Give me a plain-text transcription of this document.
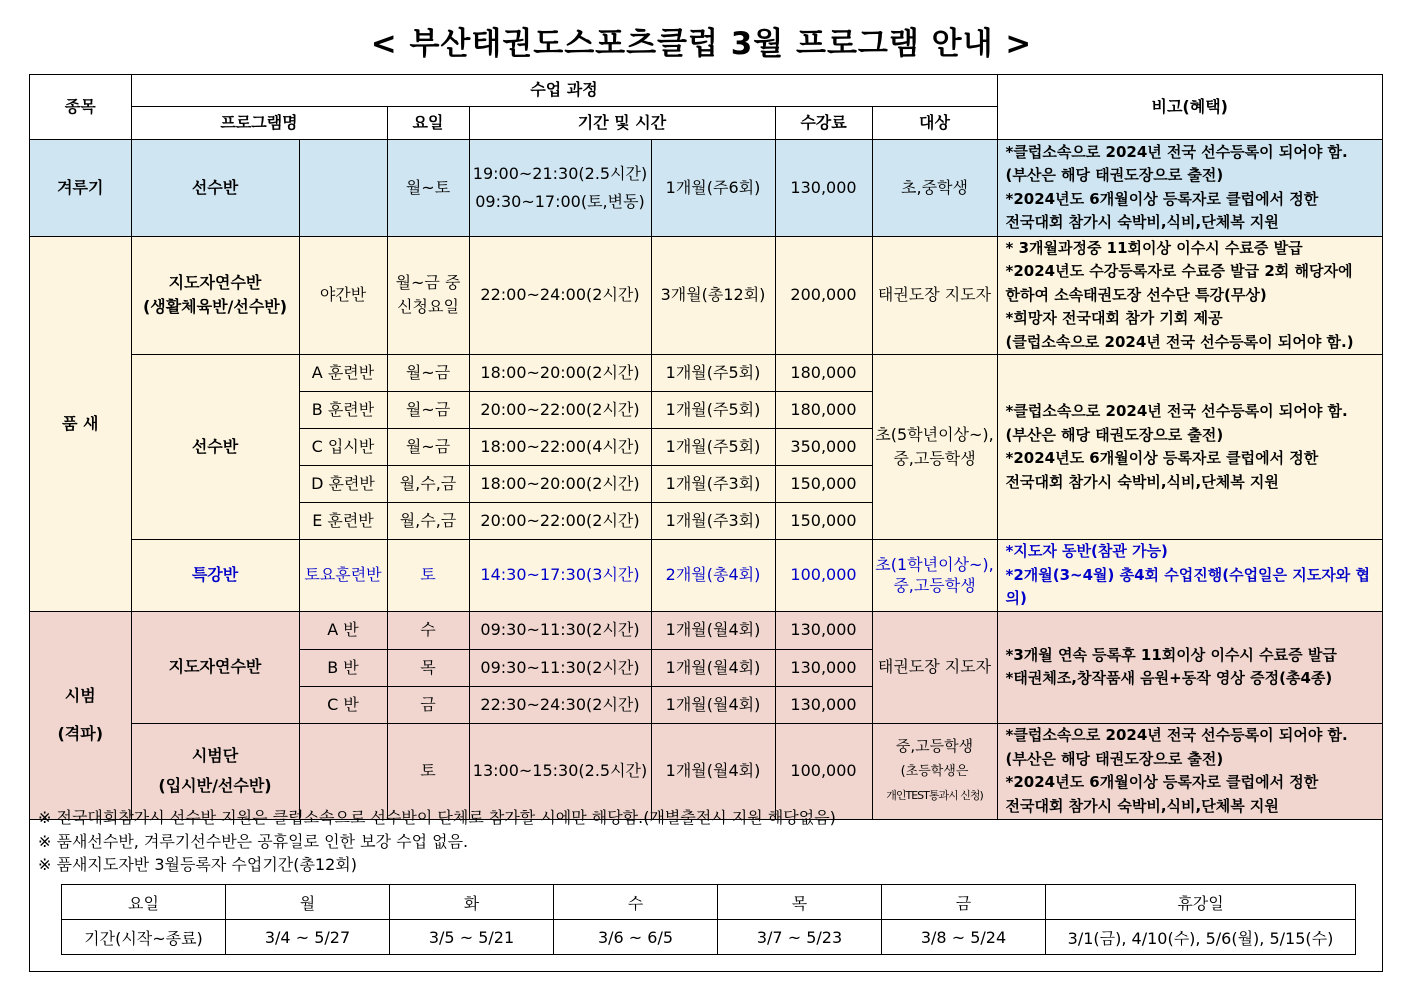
< 부산태권도스포츠클럽 3월 프로그램 안내 >
종목	수업 과정							비고(혜택)
	프로그램명		요일	기간 및 시간		수강료	대상	
겨루기	선수반		월~토	19:00~21:30(2.5시간)
09:30~17:00(토,변동)	1개월(주6회)	130,000	초,중학생	*클럽소속으로 2024년 전국 선수등록이 되어야 함.
(부산은 해당 태권도장으로 출전)
*2024년도 6개월이상 등록자로 클럽에서 정한
전국대회 참가시 숙박비,식비,단체복 지원
품 새	지도자연수반
(생활체육반/선수반)	야간반	월~금 중
신청요일	22:00~24:00(2시간)	3개월(총12회)	200,000	태권도장 지도자	* 3개월과정중 11회이상 이수시 수료증 발급
*2024년도 수강등록자로 수료증 발급 2회 해당자에
한하여 소속태권도장 선수단 특강(무상)
*희망자 전국대회 참가 기회 제공
(클럽소속으로 2024년 전국 선수등록이 되어야 함.)
	선수반	A 훈련반	월~금	18:00~20:00(2시간)	1개월(주5회)	180,000	초(5학년이상~),
중,고등학생	*클럽소속으로 2024년 전국 선수등록이 되어야 함.
(부산은 해당 태권도장으로 출전)
*2024년도 6개월이상 등록자로 클럽에서 정한
전국대회 참가시 숙박비,식비,단체복 지원
		B 훈련반	월~금	20:00~22:00(2시간)	1개월(주5회)	180,000		
		C 입시반	월~금	18:00~22:00(4시간)	1개월(주5회)	350,000		
		D 훈련반	월,수,금	18:00~20:00(2시간)	1개월(주3회)	150,000		
		E 훈련반	월,수,금	20:00~22:00(2시간)	1개월(주3회)	150,000		
	특강반	토요훈련반	토	14:30~17:30(3시간)	2개월(총4회)	100,000	초(1학년이상~),
중,고등학생	*지도자 동반(참관 가능)
*2개월(3~4월) 총4회 수업진행(수업일은 지도자와 협의)
시범
(격파)	지도자연수반	A 반	수	09:30~11:30(2시간)	1개월(월4회)	130,000	태권도장 지도자	*3개월 연속 등록후 11회이상 이수시 수료증 발급
*태권체조,창작품새 음원+동작 영상 증정(총4종)
		B 반	목	09:30~11:30(2시간)	1개월(월4회)	130,000		
		C 반	금	22:30~24:30(2시간)	1개월(월4회)	130,000		
	시범단
(입시반/선수반)		토	13:00~15:30(2.5시간)	1개월(월4회)	100,000	중,고등학생
(초등학생은
개인TEST통과시 신청)	*클럽소속으로 2024년 전국 선수등록이 되어야 함.
(부산은 해당 태권도장으로 출전)
*2024년도 6개월이상 등록자로 클럽에서 정한
전국대회 참가시 숙박비,식비,단체복 지원
※ 전국대회참가시 선수반 지원은 클럽소속으로 선수반이 단체로 참가할 시에만 해당함.(개별출전시 지원 해당없음)
※ 품새선수반, 겨루기선수반은 공휴일로 인한 보강 수업 없음.
※ 품새지도자반 3월등록자 수업기간(총12회)
요일	월	화	수	목	금	휴강일
기간(시작~종료)	3/4 ~ 5/27	3/5 ~ 5/21	3/6 ~ 6/5	3/7 ~ 5/23	3/8 ~ 5/24	3/1(금), 4/10(수), 5/6(월), 5/15(수)
